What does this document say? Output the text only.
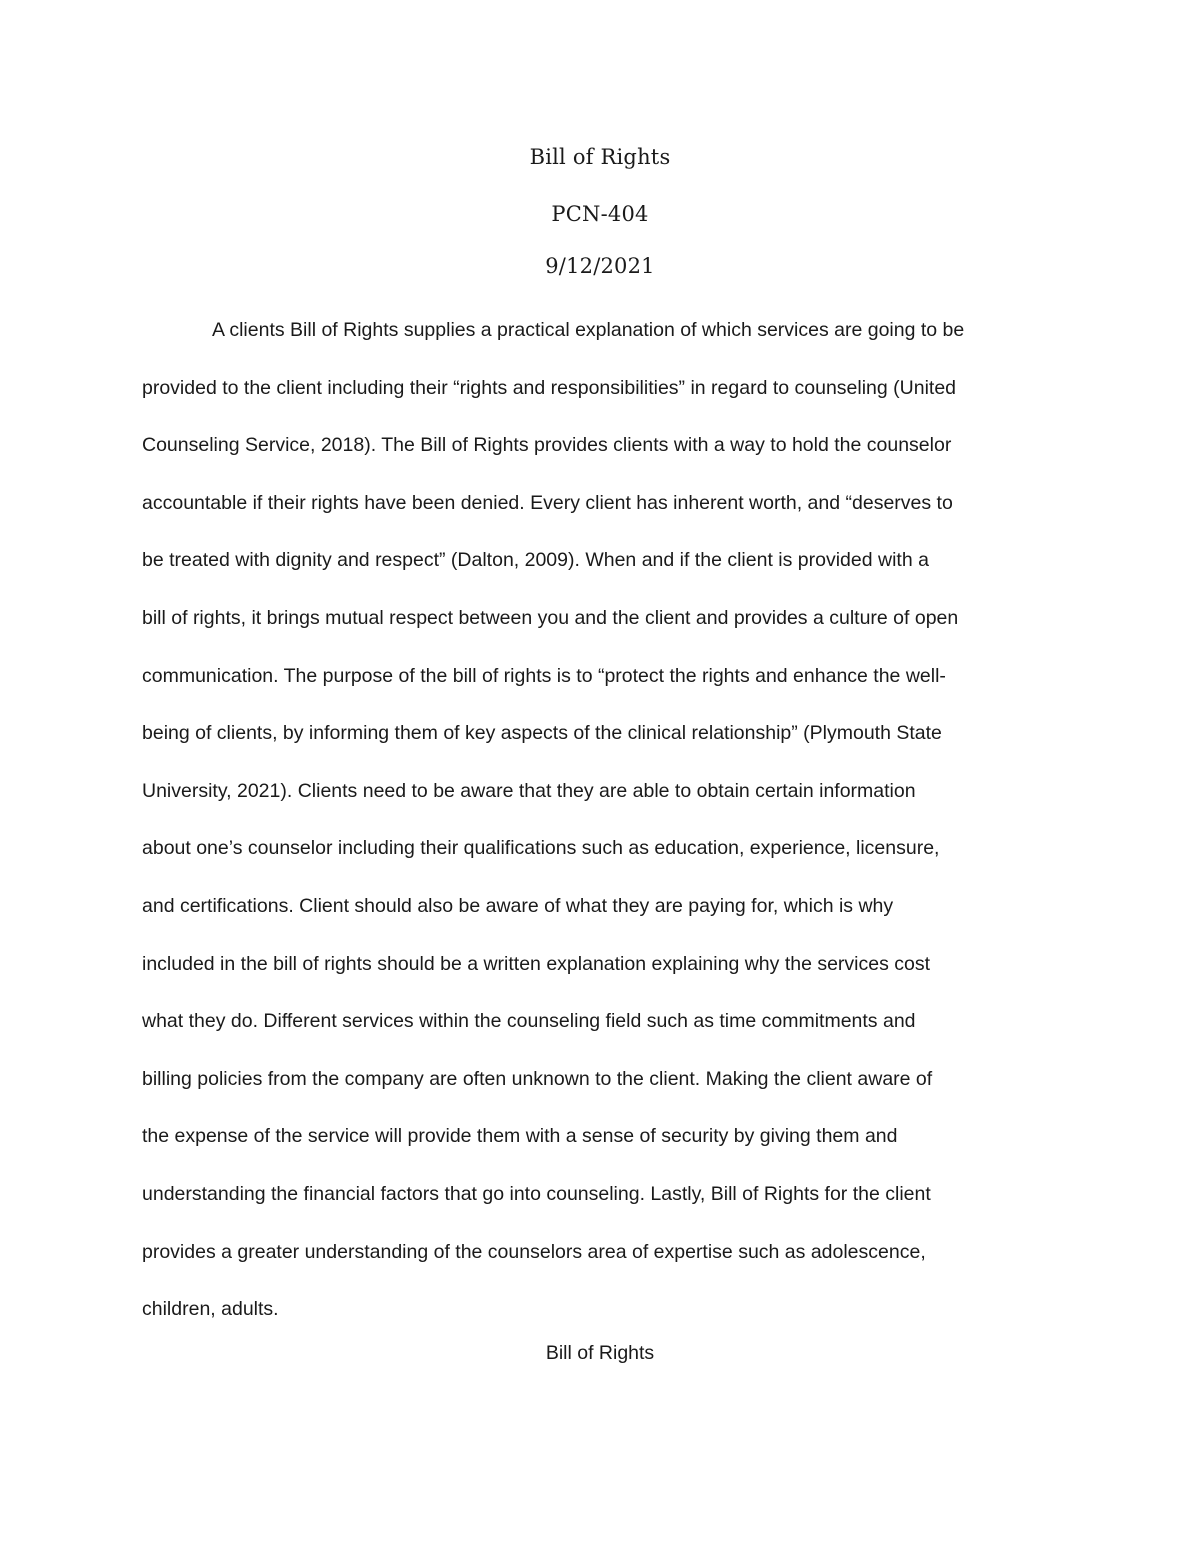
Bill of Rights
PCN-404
9/12/2021
A clients Bill of Rights supplies a practical explanation of which services are going to be
provided to the client including their “rights and responsibilities” in regard to counseling (United
Counseling Service, 2018). The Bill of Rights provides clients with a way to hold the counselor
accountable if their rights have been denied. Every client has inherent worth, and “deserves to
be treated with dignity and respect” (Dalton, 2009). When and if the client is provided with a
bill of rights, it brings mutual respect between you and the client and provides a culture of open
communication. The purpose of the bill of rights is to “protect the rights and enhance the well-
being of clients, by informing them of key aspects of the clinical relationship” (Plymouth State
University, 2021). Clients need to be aware that they are able to obtain certain information
about one’s counselor including their qualifications such as education, experience, licensure,
and certifications. Client should also be aware of what they are paying for, which is why
included in the bill of rights should be a written explanation explaining why the services cost
what they do. Different services within the counseling field such as time commitments and
billing policies from the company are often unknown to the client. Making the client aware of
the expense of the service will provide them with a sense of security by giving them and
understanding the financial factors that go into counseling. Lastly, Bill of Rights for the client
provides a greater understanding of the counselors area of expertise such as adolescence,
children, adults.
Bill of Rights
